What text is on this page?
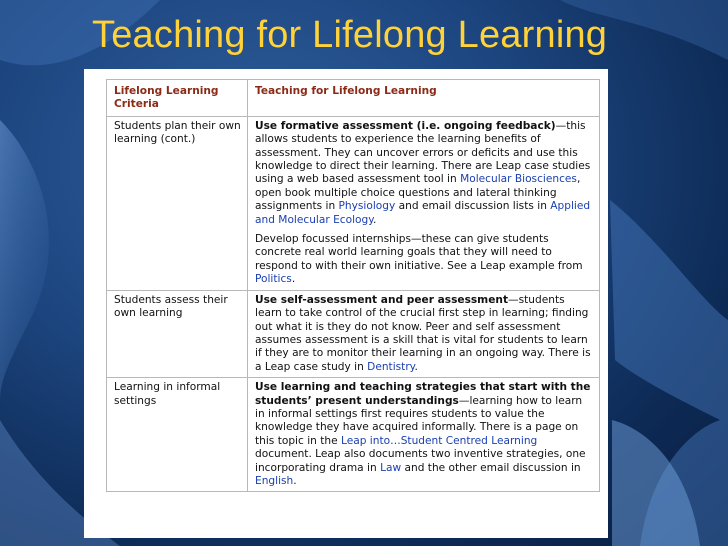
Teaching for Lifelong Learning
Lifelong Learning Criteria	Teaching for Lifelong Learning
Students plan their own learning (cont.)	Use formative assessment (i.e. ongoing feedback)—this allows students to experience the learning benefits of assessment. They can uncover errors or deficits and use this knowledge to direct their learning. There are Leap case studies using a web based assessment tool in Molecular Biosciences, open book multiple choice questions and lateral thinking assignments in Physiology and email discussion lists in Applied and Molecular Ecology.

Develop focussed internships—these can give students concrete real world learning goals that they will need to respond to with their own initiative. See a Leap example from Politics.

Students assess their own learning	Use self-assessment and peer assessment—students learn to take control of the crucial first step in learning; finding out what it is they do not know. Peer and self assessment assumes assessment is a skill that is vital for students to learn if they are to monitor their learning in an ongoing way. There is a Leap case study in Dentistry.

Learning in informal settings	Use learning and teaching strategies that start with the students’ present understandings—learning how to learn in informal settings first requires students to value the knowledge they have acquired informally. There is a page on this topic in the Leap into…Student Centred Learning document. Leap also documents two inventive strategies, one incorporating drama in Law and the other email discussion in English.
